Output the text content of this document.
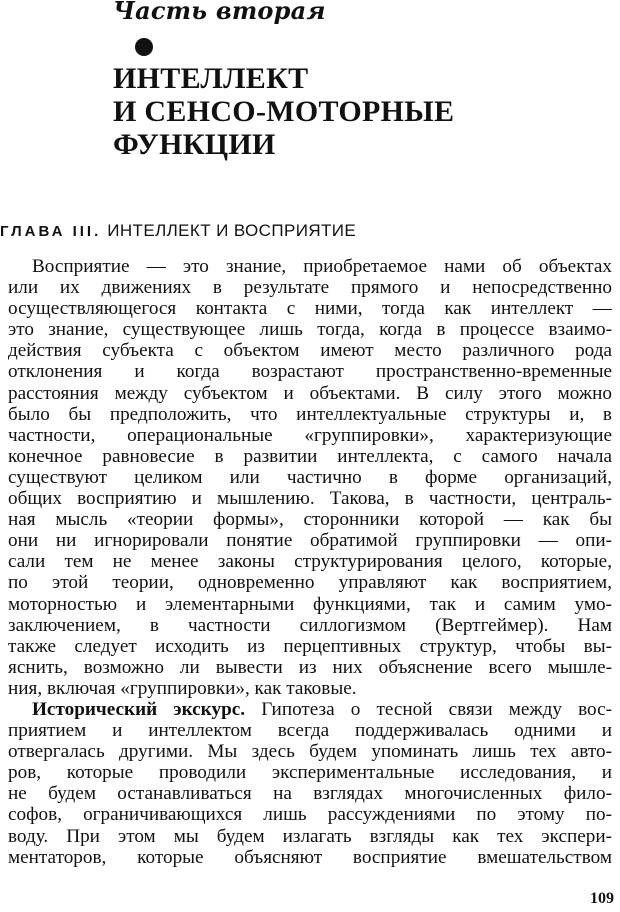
Часть вторая
ИНТЕЛЛЕКТ
И СЕНСО-МОТОРНЫЕ
ФУНКЦИИ
ГЛАВА III. ИНТЕЛЛЕКТ И ВОСПРИЯТИЕ
Восприятие — это знание, приобретаемое нами об объектах
или их движениях в результате прямого и непосредственно
осуществляющегося контакта с ними, тогда как интеллект —
это знание, существующее лишь тогда, когда в процессе взаимо-
действия субъекта с объектом имеют место различного рода
отклонения и когда возрастают пространственно-временные
расстояния между субъектом и объектами. В силу этого можно
было бы предположить, что интеллектуальные структуры и, в
частности, операциональные «группировки», характеризующие
конечное равновесие в развитии интеллекта, с самого начала
существуют целиком или частично в форме организаций,
общих восприятию и мышлению. Такова, в частности, централь-
ная мысль «теории формы», сторонники которой — как бы
они ни игнорировали понятие обратимой группировки — опи-
сали тем не менее законы структурирования целого, которые,
по этой теории, одновременно управляют как восприятием,
моторностью и элементарными функциями, так и самим умо-
заключением, в частности силлогизмом (Вертгеймер). Нам
также следует исходить из перцептивных структур, чтобы вы-
яснить, возможно ли вывести из них объяснение всего мышле-
ния, включая «группировки», как таковые.
Исторический экскурс. Гипотеза о тесной связи между вос-
приятием и интеллектом всегда поддерживалась одними и
отвергалась другими. Мы здесь будем упоминать лишь тех авто-
ров, которые проводили экспериментальные исследования, и
не будем останавливаться на взглядах многочисленных фило-
софов, ограничивающихся лишь рассуждениями по этому по-
воду. При этом мы будем излагать взгляды как тех экспери-
ментаторов, которые объясняют восприятие вмешательством
109
